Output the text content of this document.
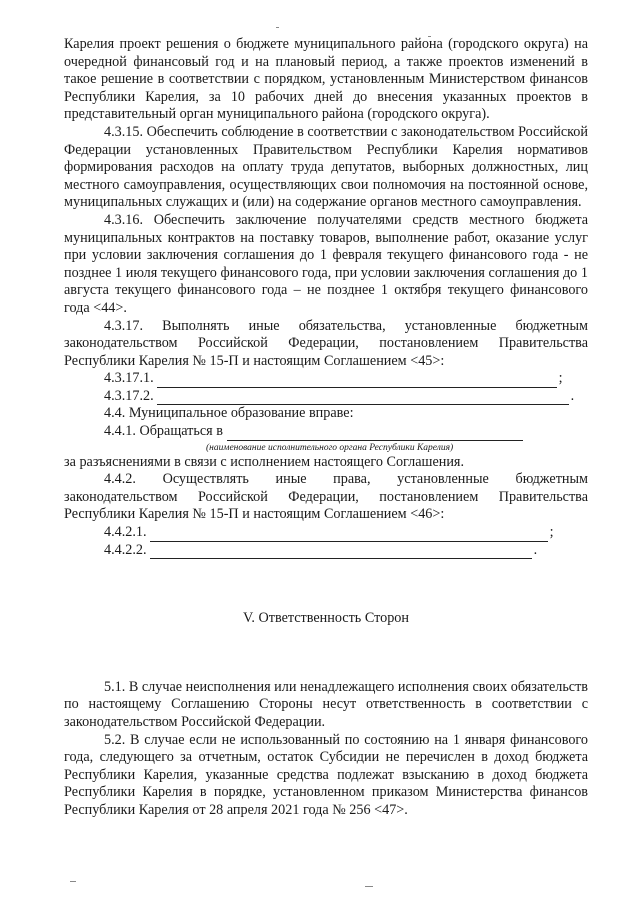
Карелия проект решения о бюджете муниципального района (городского округа) на очередной финансовый год и на плановый период, а также проектов изменений в такое решение в соответствии с порядком, установленным Министерством финансов Республики Карелия, за 10 рабочих дней до внесения указанных проектов в представительный орган муниципального района (городского округа).

4.3.15. Обеспечить соблюдение в соответствии с законодательством Российской Федерации установленных Правительством Республики Карелия нормативов формирования расходов на оплату труда депутатов, выборных должностных, лиц местного самоуправления, осуществляющих свои полномочия на постоянной основе, муниципальных служащих и (или) на содержание органов местного самоуправления.

4.3.16. Обеспечить заключение получателями средств местного бюджета муниципальных контрактов на поставку товаров, выполнение работ, оказание услуг при условии заключения соглашения до 1 февраля текущего финансового года - не позднее 1 июля текущего финансового года, при условии заключения соглашения до 1 августа текущего финансового года – не позднее 1 октября текущего финансового года <44>.

4.3.17. Выполнять иные обязательства, установленные бюджетным законодательством Российской Федерации, постановлением Правительства Республики Карелия № 15-П и настоящим Соглашением <45>:

4.3.17.1.	;
4.3.17.2.	.

4.4. Муниципальное образование вправе:

4.4.1. Обращаться в
(наименование исполнительного органа Республики Карелия)

за разъяснениями в связи с исполнением настоящего Соглашения.

4.4.2. Осуществлять иные права, установленные бюджетным законодательством Российской Федерации, постановлением Правительства Республики Карелия № 15-П и настоящим Соглашением <46>:

4.4.2.1.	;
4.4.2.2.	.
V. Ответственность Сторон

5.1. В случае неисполнения или ненадлежащего исполнения своих обязательств по настоящему Соглашению Стороны несут ответственность в соответствии с законодательством Российской Федерации.

5.2. В случае если не использованный по состоянию на 1 января финансового года, следующего за отчетным, остаток Субсидии не перечислен в доход бюджета Республики Карелия, указанные средства подлежат взысканию в доход бюджета Республики Карелия в порядке, установленном приказом Министерства финансов Республики Карелия от 28 апреля 2021 года № 256 <47>.
